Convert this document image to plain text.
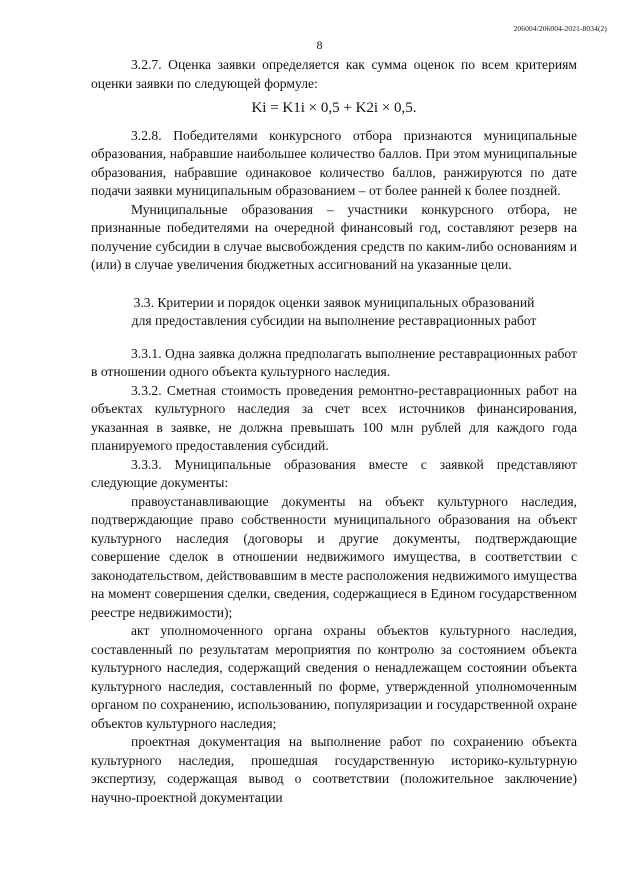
206004/206004-2021-8034(2)
8

3.2.7. Оценка заявки определяется как сумма оценок по всем критериям оценки заявки по следующей формуле:

Ki = K1i × 0,5 + K2i × 0,5.

3.2.8. Победителями конкурсного отбора признаются муниципальные образования, набравшие наибольшее количество баллов. При этом муниципальные образования, набравшие одинаковое количество баллов, ранжируются по дате подачи заявки муниципальным образованием – от более ранней к более поздней.

Муниципальные образования – участники конкурсного отбора, не признанные победителями на очередной финансовый год, составляют резерв на получение субсидии в случае высвобождения средств по каким-либо основаниям и (или) в случае увеличения бюджетных ассигнований на указанные цели.

3.3. Критерии и порядок оценки заявок муниципальных образований
для предоставления субсидии на выполнение реставрационных работ

3.3.1. Одна заявка должна предполагать выполнение реставрационных работ в отношении одного объекта культурного наследия.

3.3.2. Сметная стоимость проведения ремонтно-реставрационных работ на объектах культурного наследия за счет всех источников финансирования, указанная в заявке, не должна превышать 100 млн рублей для каждого года планируемого предоставления субсидий.

3.3.3. Муниципальные образования вместе с заявкой представляют следующие документы:

правоустанавливающие документы на объект культурного наследия, подтверждающие право собственности муниципального образования на объект культурного наследия (договоры и другие документы, подтверждающие совершение сделок в отношении недвижимого имущества, в соответствии с законодательством, действовавшим в месте расположения недвижимого имущества на момент совершения сделки, сведения, содержащиеся в Едином государственном реестре недвижимости);

акт уполномоченного органа охраны объектов культурного наследия, составленный по результатам мероприятия по контролю за состоянием объекта культурного наследия, содержащий сведения о ненадлежащем состоянии объекта культурного наследия, составленный по форме, утвержденной уполномоченным органом по сохранению, использованию, популяризации и государственной охране объектов культурного наследия;

проектная документация на выполнение работ по сохранению объекта культурного наследия, прошедшая государственную историко-культурную экспертизу, содержащая вывод о соответствии (положительное заключение) научно-проектной документации
